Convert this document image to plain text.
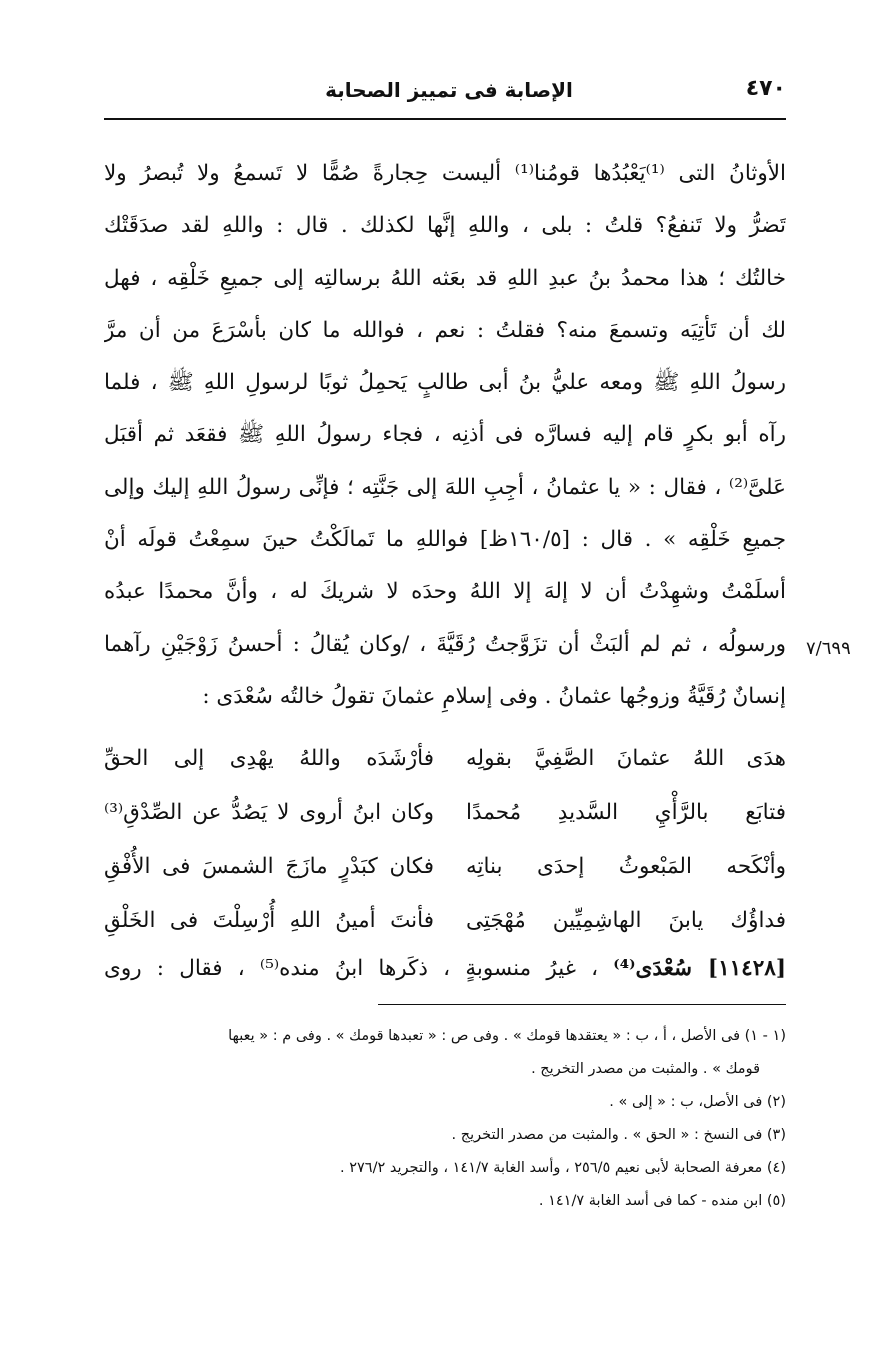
٤٧٠
الإصابة فى تمييز الصحابة
الأوثانُ التى ⁽¹⁾يَعْبُدُها قومُنا⁽¹⁾ أليست حِجارةً صُمًّا لا تَسمعُ ولا تُبصرُ ولا
تَضرُّ ولا تَنفعُ؟ قلتُ : بلى ، واللهِ إنَّها لكذلك . قال : واللهِ لقد صدَقَتْك
خالتُك ؛ هذا محمدُ بنُ عبدِ اللهِ قد بعَثه اللهُ برسالتِه إلى جميعِ خَلْقِه ، فهل
لك أن تَأتِيَه وتسمعَ منه؟ فقلتُ : نعم ، فوالله ما كان بأسْرَعَ من أن مرَّ
رسولُ اللهِ ﷺ ومعه عليُّ بنُ أبى طالبٍ يَحمِلُ ثوبًا لرسولِ اللهِ ﷺ ، فلما
رآه أبو بكرٍ قام إليه فسارَّه فى أذنِه ، فجاء رسولُ اللهِ ﷺ فقعَد ثم أقبَل
عَلىَّ⁽²⁾ ، فقال : « يا عثمانُ ، أجِبِ اللهَ إلى جَنَّتِه ؛ فإنِّى رسولُ اللهِ إليك وإلى
جميعِ خَلْقِه » . قال : [١٦٠/٥ظ] فواللهِ ما تَمالَكْتُ حينَ سمِعْتُ قولَه أنْ
أسلَمْتُ وشهِدْتُ أن لا إلهَ إلا اللهُ وحدَه لا شريكَ له ، وأنَّ محمدًا عبدُه
ورسولُه ، ثم لم ألبَثْ أن تزَوَّجتُ رُقَيَّةَ ، /وكان يُقالُ : أحسنُ زَوْجَيْنِ رآهما
إنسانٌ رُقَيَّةُ وزوجُها عثمانُ . وفى إسلامِ عثمانَ تقولُ خالتُه سُعْدَى :
٧/٦٩٩
هدَى اللهُ عثمانَ الصَّفِيَّ بقولِه
فأرْشَدَه واللهُ يهْدِى إلى الحقِّ
فتابَع بالرَّأْيِ السَّديدِ مُحمدًا
وكان ابنُ أروى لا يَصُدُّ عن الصِّدْقِ⁽³⁾
وأنْكَحه المَبْعوثُ إحدَى بناتِه
فكان كبَدْرٍ مازَجَ الشمسَ فى الأُفْقِ
فداؤُك يابنَ الهاشِمِيِّين مُهْجَتِى
فأنتَ أمينُ اللهِ أُرْسِلْتَ فى الخَلْقِ
[١١٤٢٨] سُعْدَى⁽⁴⁾ ، غيرُ منسوبةٍ ، ذكَرها ابنُ منده⁽⁵⁾ ، فقال : روى
(١ - ١) فى الأصل ، أ ، ب : « يعتقدها قومك » . وفى ص : « تعبدها قومك » . وفى م : « يعبها
قومك » . والمثبت من مصدر التخريج .
(٢) فى الأصل، ب : « إلى » .
(٣) فى النسخ : « الحق » . والمثبت من مصدر التخريج .
(٤) معرفة الصحابة لأبى نعيم ٢٥٦/٥ ، وأسد الغابة ١٤١/٧ ، والتجريد ٢٧٦/٢ .
(٥) ابن منده - كما فى أسد الغابة ١٤١/٧ .
